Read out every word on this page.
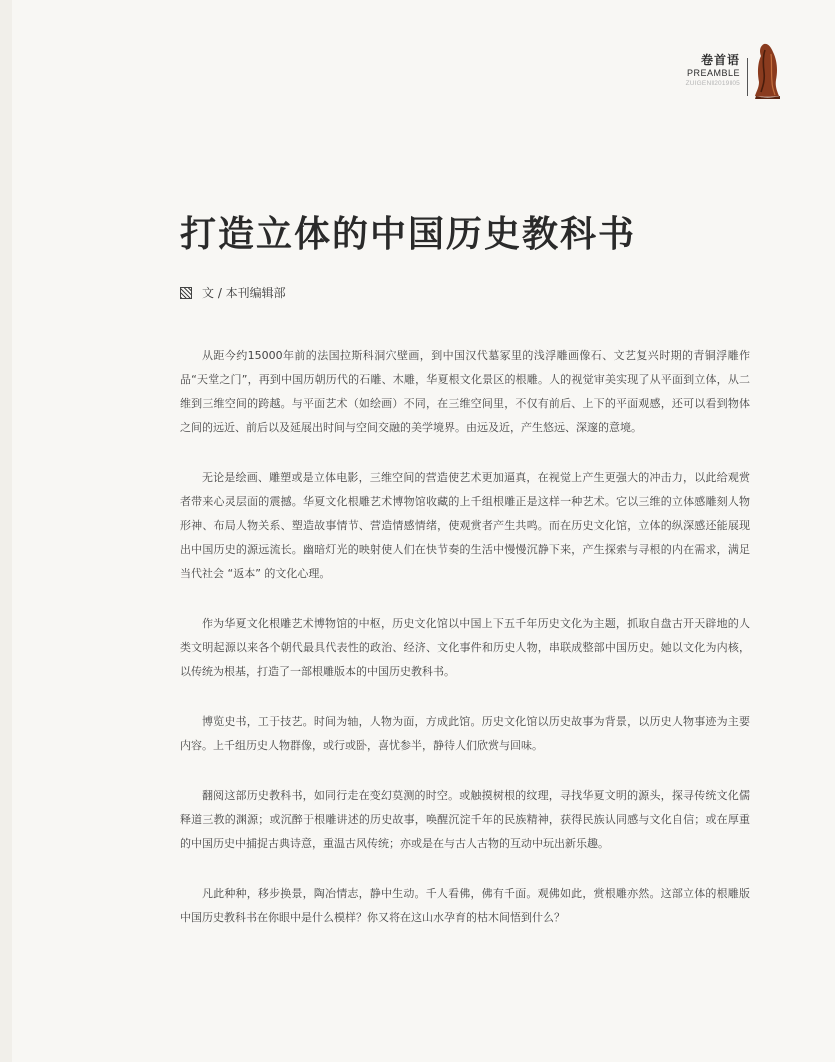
卷首语
PREAMBLE
ZUIGEN‖2019‖05
打造立体的中国历史教科书
文 / 本刊编辑部

从距今约15000年前的法国拉斯科洞穴壁画，到中国汉代墓冢里的浅浮雕画像石、文艺复兴时期的青铜浮雕作品“天堂之门”，再到中国历朝历代的石雕、木雕，华夏根文化景区的根雕。人的视觉审美实现了从平面到立体，从二维到三维空间的跨越。与平面艺术（如绘画）不同，在三维空间里，不仅有前后、上下的平面观感，还可以看到物体之间的远近、前后以及延展出时间与空间交融的美学境界。由远及近，产生悠远、深邃的意境。

无论是绘画、雕塑或是立体电影，三维空间的营造使艺术更加逼真，在视觉上产生更强大的冲击力，以此给观赏者带来心灵层面的震撼。华夏文化根雕艺术博物馆收藏的上千组根雕正是这样一种艺术。它以三维的立体感雕刻人物形神、布局人物关系、塑造故事情节、营造情感情绪，使观赏者产生共鸣。而在历史文化馆，立体的纵深感还能展现出中国历史的源远流长。幽暗灯光的映射使人们在快节奏的生活中慢慢沉静下来，产生探索与寻根的内在需求，满足当代社会 “返本” 的文化心理。

作为华夏文化根雕艺术博物馆的中枢，历史文化馆以中国上下五千年历史文化为主题，抓取自盘古开天辟地的人类文明起源以来各个朝代最具代表性的政治、经济、文化事件和历史人物，串联成整部中国历史。她以文化为内核，以传统为根基，打造了一部根雕版本的中国历史教科书。

博览史书，工于技艺。时间为轴，人物为面，方成此馆。历史文化馆以历史故事为背景，以历史人物事迹为主要内容。上千组历史人物群像，或行或卧，喜忧参半，静待人们欣赏与回味。

翻阅这部历史教科书，如同行走在变幻莫测的时空。或触摸树根的纹理，寻找华夏文明的源头，探寻传统文化儒释道三教的渊源；或沉醉于根雕讲述的历史故事，唤醒沉淀千年的民族精神，获得民族认同感与文化自信；或在厚重的中国历史中捕捉古典诗意，重温古风传统；亦或是在与古人古物的互动中玩出新乐趣。

凡此种种，移步换景，陶冶情志，静中生动。千人看佛，佛有千面。观佛如此，赏根雕亦然。这部立体的根雕版中国历史教科书在你眼中是什么模样？你又将在这山水孕育的枯木间悟到什么？
